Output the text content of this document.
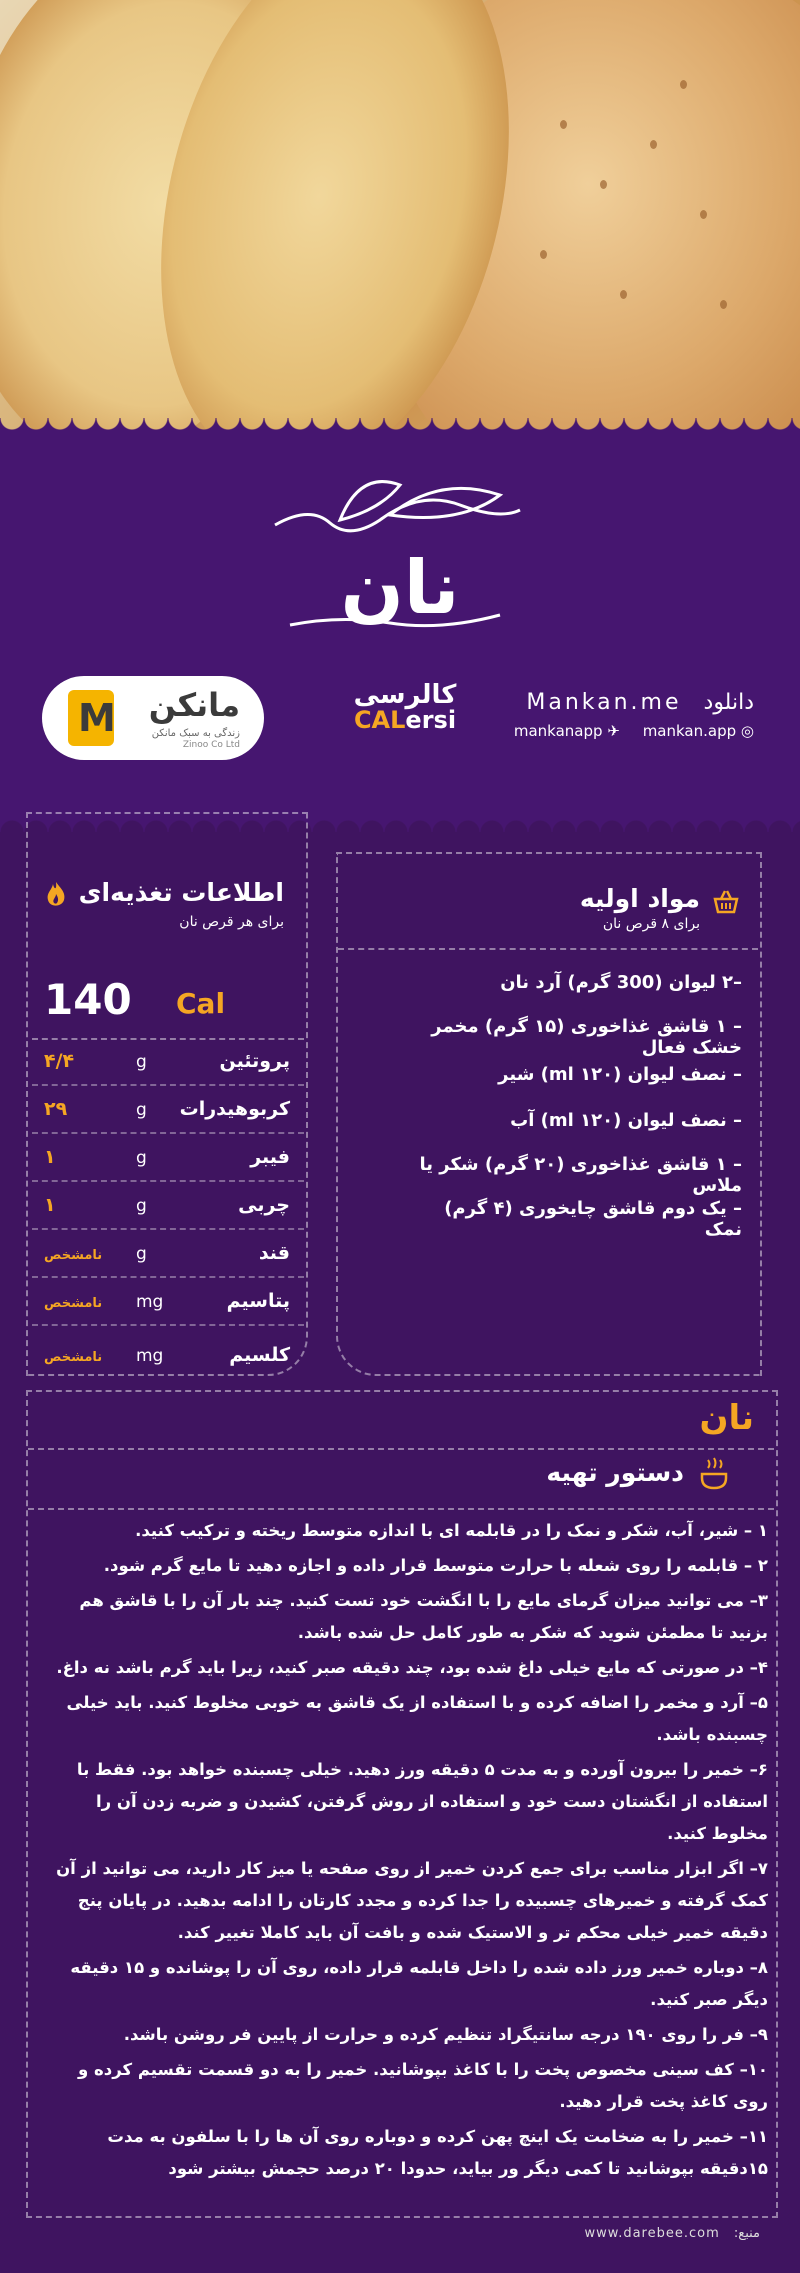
نان
M مانکن
زندگی به سبک مانکن
Zinoo Co Ltd
کالرسی
CALersi
Mankan.me دانلود
mankanapp ✈ mankan.app ◎
مواد اولیه
برای ۸ قرص نان
–۲ لیوان (300 گرم) آرد نان
– ۱ قاشق غذاخوری (۱۵ گرم) مخمر خشک فعال
– نصف لیوان (۱۲۰ ml) شیر
– نصف لیوان (۱۲۰ ml) آب
– ۱ قاشق غذاخوری (۲۰ گرم) شکر یا ملاس
– یک دوم قاشق چایخوری (۴ گرم) نمک
اطلاعات تغذیه‌ای
برای هر قرص نان
140 Cal
پروتئین
g
۴/۴
کربوهیدرات
g
۲۹
فیبر
g
۱
چربی
g
۱
قند
g
نامشخص
پتاسیم
mg
نامشخص
کلسیم
mg
نامشخص
نان
دستور تهیه

۱ – شیر، آب، شکر و نمک را در قابلمه ای با اندازه متوسط ریخته و ترکیب کنید.

۲ – قابلمه را روی شعله با حرارت متوسط قرار داده و اجازه دهید تا مایع گرم شود.

۳– می توانید میزان گرمای مایع را با انگشت خود تست کنید. چند بار آن را با قاشق هم بزنید تا مطمئن شوید که شکر به طور کامل حل شده باشد.

۴– در صورتی که مایع خیلی داغ شده بود، چند دقیقه صبر کنید، زیرا باید گرم باشد نه داغ.

۵– آرد و مخمر را اضافه کرده و با استفاده از یک قاشق به خوبی مخلوط کنید. باید خیلی چسبنده باشد.

۶– خمیر را بیرون آورده و به مدت ۵ دقیقه ورز دهید. خیلی چسبنده خواهد بود. فقط با استفاده از انگشتان دست خود و استفاده از روش گرفتن، کشیدن و ضربه زدن آن را مخلوط کنید.

۷– اگر ابزار مناسب برای جمع کردن خمیر از روی صفحه یا میز کار دارید، می توانید از آن کمک گرفته و خمیرهای چسبیده را جدا کرده و مجدد کارتان را ادامه بدهید. در پایان پنج دقیقه خمیر خیلی محکم تر و الاستیک شده و بافت آن باید کاملا تغییر کند.

۸– دوباره خمیر ورز داده شده را داخل قابلمه قرار داده، روی آن را پوشانده و ۱۵ دقیقه دیگر صبر کنید.

۹– فر را روی ۱۹۰ درجه سانتیگراد تنظیم کرده و حرارت از پایین فر روشن باشد.

۱۰– کف سینی مخصوص پخت را با کاغذ بپوشانید. خمیر را به دو قسمت تقسیم کرده و روی کاغذ پخت قرار دهید.

۱۱– خمیر را به ضخامت یک اینچ پهن کرده و دوباره روی آن ها را با سلفون به مدت ۱۵دقیقه بپوشانید تا کمی دیگر ور بیاید، حدودا ۲۰ درصد حجمش بیشتر شود

منبع: www.darebee.com
